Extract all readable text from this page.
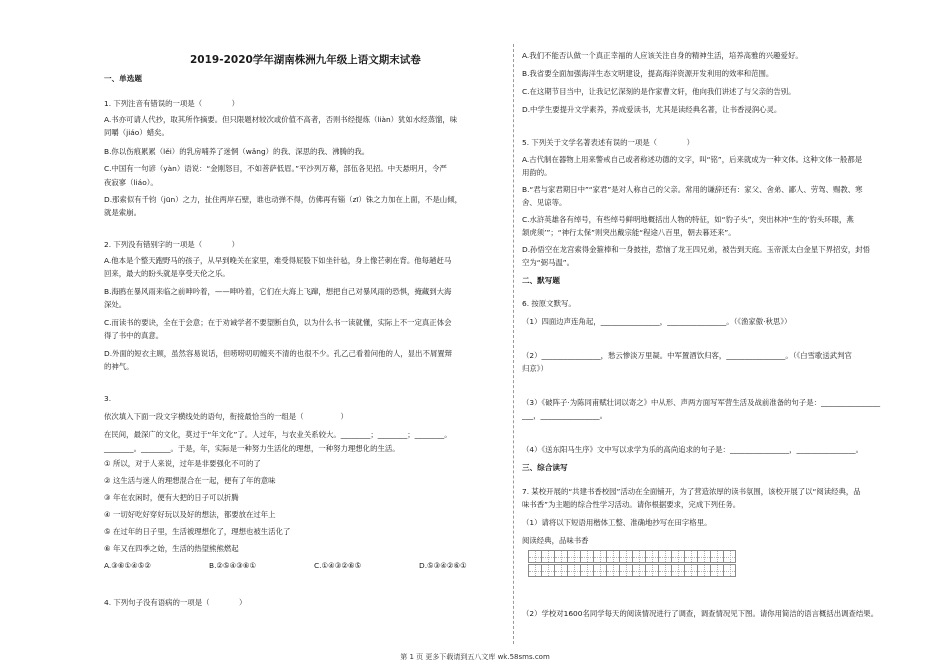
2019-2020学年湖南株洲九年级上语文期末试卷
一、单选题
1. 下列注音有错误的一项是（　　　　）
A.书亦可请人代抄，取其所作摘要。但只限题材较次或价值不高者，否则书经提炼（liàn）犹如水经蒸馏，味
同嚼（jiáo）蜡矣。
B.你以伤痕累累（lěi）的乳房哺养了迷惘（wǎng）的我、深思的我、沸腾的我。
C.中国有一句谚（yàn）语说：“金刚怒目，不如菩萨低眉。”平沙列万幕，部伍各见招。中天悬明月，令严
夜寂寥（liáo）。
D.那索似有千钧（jūn）之力，扯住两岸石壁，谁也动弹不得，仿佛再有锱（zī）铢之力加在上面，不是山倾，
就是索崩。
2. 下列没有错别字的一项是（　　　　）
A.他本是个整天跑野马的孩子，从早到晚关在家里，难受得屁股下如坐针毡，身上像芒刺在背。他每趟赶马
回来，最大的盼头就是享受天伦之乐。
B.海鸥在暴风雨来临之前呻吟着，——呻吟着，它们在大海上飞蹿，想把自己对暴风雨的恐惧，掩藏到大海
深处。
C.而读书的要诀，全在于会意；在于劝诫学者不要望断自负，以为什么书一读就懂，实际上不一定真正体会
得了书中的真意。
D.外面的短衣主顾，虽然容易说话，但唠唠叨叨缠夹不清的也很不少。孔乙己看着问他的人，显出不屑置辩
的神气。
3.
依次填入下面一段文字横线处的语句，衔接最恰当的一组是（　　　　　）
在民间，最深广的文化，莫过于“年文化”了。人过年，与农业关系较大。________；________；________。
________。________。于是，年，实际是一种努力生活化的理想，一种努力理想化的生活。
① 所以，对于人来说，过年是非要强化不可的了
② 这生活与迷人的理想混合在一起，便有了年的意味
③ 年在农闲时，便有大把的日子可以折腾
④ 一切好吃好穿好玩以及好的想法，都要放在过年上
⑤ 在过年的日子里，生活被理想化了，理想也被生活化了
⑥ 年又在四季之始，生活的热望熊熊燃起
A.③⑥①④⑤②	B.②⑤④③⑥①	C.①④③②⑥⑤	D.⑤③④②⑥①
4. 下列句子没有语病的一项是（　　　　）
A.我们不能否认做一个真正幸福的人应该关注自身的精神生活，培养高雅的兴趣爱好。
B.我省要全面加强海洋生态文明建设，提高海洋资源开发利用的效率和范围。
C.在这期节目当中，让我记忆深刻的是作家曹文轩，他向我们讲述了与父亲的告别。
D.中学生要提升文学素养，养成爱读书，尤其是读经典名著，让书香浸润心灵。
5. 下列关于文学名著表述有误的一项是（　　　　）
A.古代制在器物上用来警戒自己或者称述功德的文字，叫“铭”，后来就成为一种文体。这种文体一般都是
用韵的。
B.“君与家君期日中”“家君”是对人称自己的父亲。常用的谦辞还有：家父、舍弟、鄙人、劳驾、赐教、寒
舍、见谅等。
C.水浒英雄各有绰号，有些绰号鲜明地概括出人物的特征，如“豹子头”，突出林冲“生的‘豹头环眼，燕
颔虎须’”；“神行太保”则突出戴宗能“程途八百里，朝去暮还来”。
D.孙悟空在龙宫索得金箍棒和一身披挂，惹恼了龙王四兄弟，被告到天庭。玉帝派太白金星下界招安，封悟
空为“弼马温”。
二、默写题
6. 按原文默写。
（1）四面边声连角起，________________，________________。（《渔家傲·秋思》）
（2）________________，愁云惨淡万里凝。中军置酒饮归客，________________。（《白雪歌送武判官
归京》）
（3）《破阵子·为陈同甫赋壮词以寄之》中从形、声两方面写军营生活及战前准备的句子是：________________
___，________________。
（4）《送东阳马生序》文中写以求学为乐的高尚追求的句子是：________________，________________。
三、综合读写
7. 某校开展的“共建书香校园”活动在全面铺开，为了营造浓厚的读书氛围，该校开展了以“阅读经典，品
味书香”为主题的综合性学习活动。请你根据要求，完成下列任务。
（1）请将以下短语用楷体工整、准确地抄写在田字格里。
阅读经典，品味书香
（2）学校对1600名同学每天的阅读情况进行了调查，调查情况见下图。请你用简洁的语言概括出调查结果。
第 1 页 更多下载请到五八文库 wk.58sms.com
